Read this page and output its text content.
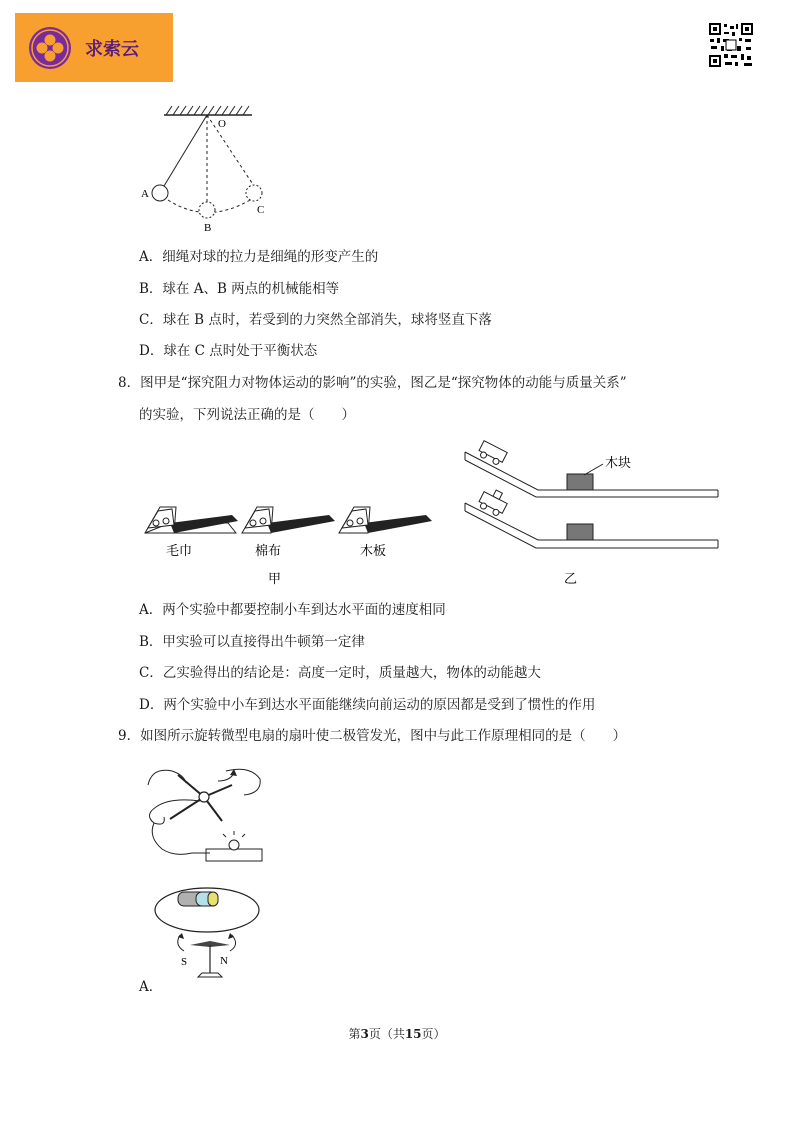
求索云
O
A
B
C
A．细绳对球的拉力是细绳的形变产生的
B．球在 A、B 两点的机械能相等
C．球在 B 点时，若受到的力突然全部消失，球将竖直下落
D．球在 C 点时处于平衡状态
8．图甲是“探究阻力对物体运动的影响”的实验，图乙是“探究物体的动能与质量关系”
的实验，下列说法正确的是（　　）
毛巾	棉布	木板
甲
木块
乙
A．两个实验中都要控制小车到达水平面的速度相同
B．甲实验可以直接得出牛顿第一定律
C．乙实验得出的结论是：高度一定时，质量越大，物体的动能越大
D．两个实验中小车到达水平面能继续向前运动的原因都是受到了惯性的作用
9．如图所示旋转微型电扇的扇叶使二极管发光，图中与此工作原理相同的是（　　）
S	N
A．
第3页（共15页）
